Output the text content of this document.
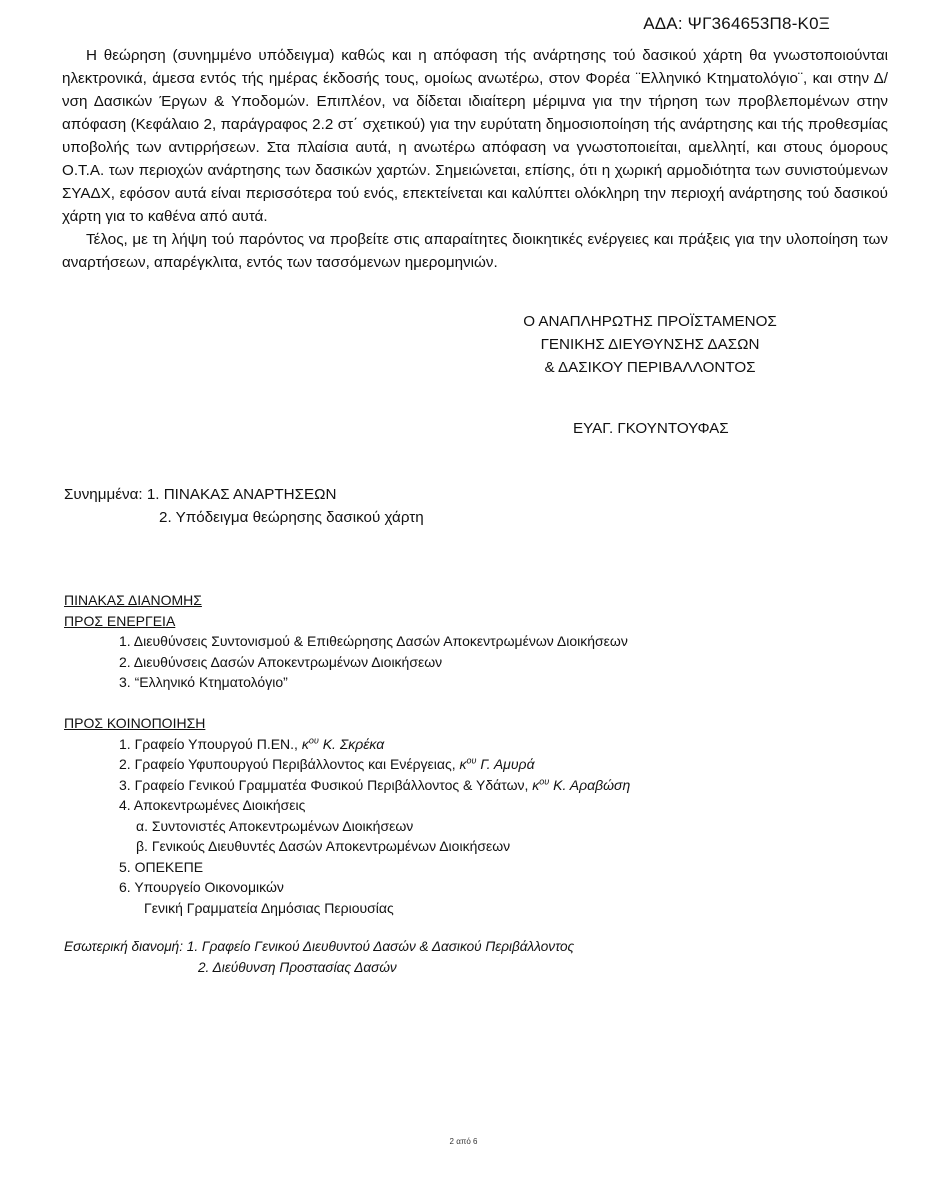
ΑΔΑ: ΨΓ364653Π8-Κ0Ξ

Η θεώρηση (συνημμένο υπόδειγμα) καθώς και η απόφαση τής ανάρτησης τού δασικού χάρτη θα γνωστοποιούνται ηλεκτρονικά, άμεσα εντός τής ημέρας έκδοσής τους, ομοίως ανωτέρω, στον Φορέα ¨Ελληνικό Κτηματολόγιο¨, και στην Δ/νση Δασικών Έργων & Υποδομών. Επιπλέον, να δίδεται ιδιαίτερη μέριμνα για την τήρηση των προβλεπομένων στην απόφαση (Κεφάλαιο 2, παράγραφος 2.2 στ΄ σχετικού) για την ευρύτατη δημοσιοποίηση τής ανάρτησης και τής προθεσμίας υποβολής των αντιρρήσεων. Στα πλαίσια αυτά, η ανωτέρω απόφαση να γνωστοποιείται, αμελλητί, και στους όμορους Ο.Τ.Α. των περιοχών ανάρτησης των δασικών χαρτών. Σημειώνεται, επίσης, ότι η χωρική αρμοδιότητα των συνιστούμενων ΣΥΑΔΧ, εφόσον αυτά είναι περισσότερα τού ενός, επεκτείνεται και καλύπτει ολόκληρη την περιοχή ανάρτησης τού δασικού χάρτη για το καθένα από αυτά.

Τέλος, με τη λήψη τού παρόντος να προβείτε στις απαραίτητες διοικητικές ενέργειες και πράξεις για την υλοποίηση των αναρτήσεων, απαρέγκλιτα, εντός των τασσόμενων ημερομηνιών.

Ο ΑΝΑΠΛΗΡΩΤΗΣ ΠΡΟΪΣΤΑΜΕΝΟΣ
ΓΕΝΙΚΗΣ ΔΙΕΥΘΥΝΣΗΣ ΔΑΣΩΝ
& ΔΑΣΙΚΟΥ ΠΕΡΙΒΑΛΛΟΝΤΟΣ
ΕΥΑΓ. ΓΚΟΥΝΤΟΥΦΑΣ
Συνημμένα: 1. ΠΙΝΑΚΑΣ ΑΝΑΡΤΗΣΕΩΝ
2. Υπόδειγμα θεώρησης δασικού χάρτη
ΠΙΝΑΚΑΣ ΔΙΑΝΟΜΗΣ
ΠΡΟΣ ΕΝΕΡΓΕΙΑ
1. Διευθύνσεις Συντονισμού & Επιθεώρησης Δασών Αποκεντρωμένων Διοικήσεων
2. Διευθύνσεις Δασών Αποκεντρωμένων Διοικήσεων
3. “Ελληνικό Κτηματολόγιο”
ΠΡΟΣ ΚΟΙΝΟΠΟΙΗΣΗ
1. Γραφείο Υπουργού Π.ΕΝ., $\kappa^{o\upsilon}$ Κ. Σκρέκα
2. Γραφείο Υφυπουργού Περιβάλλοντος και Ενέργειας, $\kappa^{o\upsilon}$ Γ. Αμυρά
3. Γραφείο Γενικού Γραμματέα Φυσικού Περιβάλλοντος & Υδάτων, $\kappa^{o\upsilon}$ Κ. Αραβώση
4. Αποκεντρωμένες Διοικήσεις
α. Συντονιστές Αποκεντρωμένων Διοικήσεων
β. Γενικούς Διευθυντές Δασών Αποκεντρωμένων Διοικήσεων
5. ΟΠΕΚΕΠΕ
6. Υπουργείο Οικονομικών
Γενική Γραμματεία Δημόσιας Περιουσίας
Εσωτερική διανομή: 1. Γραφείο Γενικού Διευθυντού Δασών & Δασικού Περιβάλλοντος
2. Διεύθυνση Προστασίας Δασών
2 από 6
